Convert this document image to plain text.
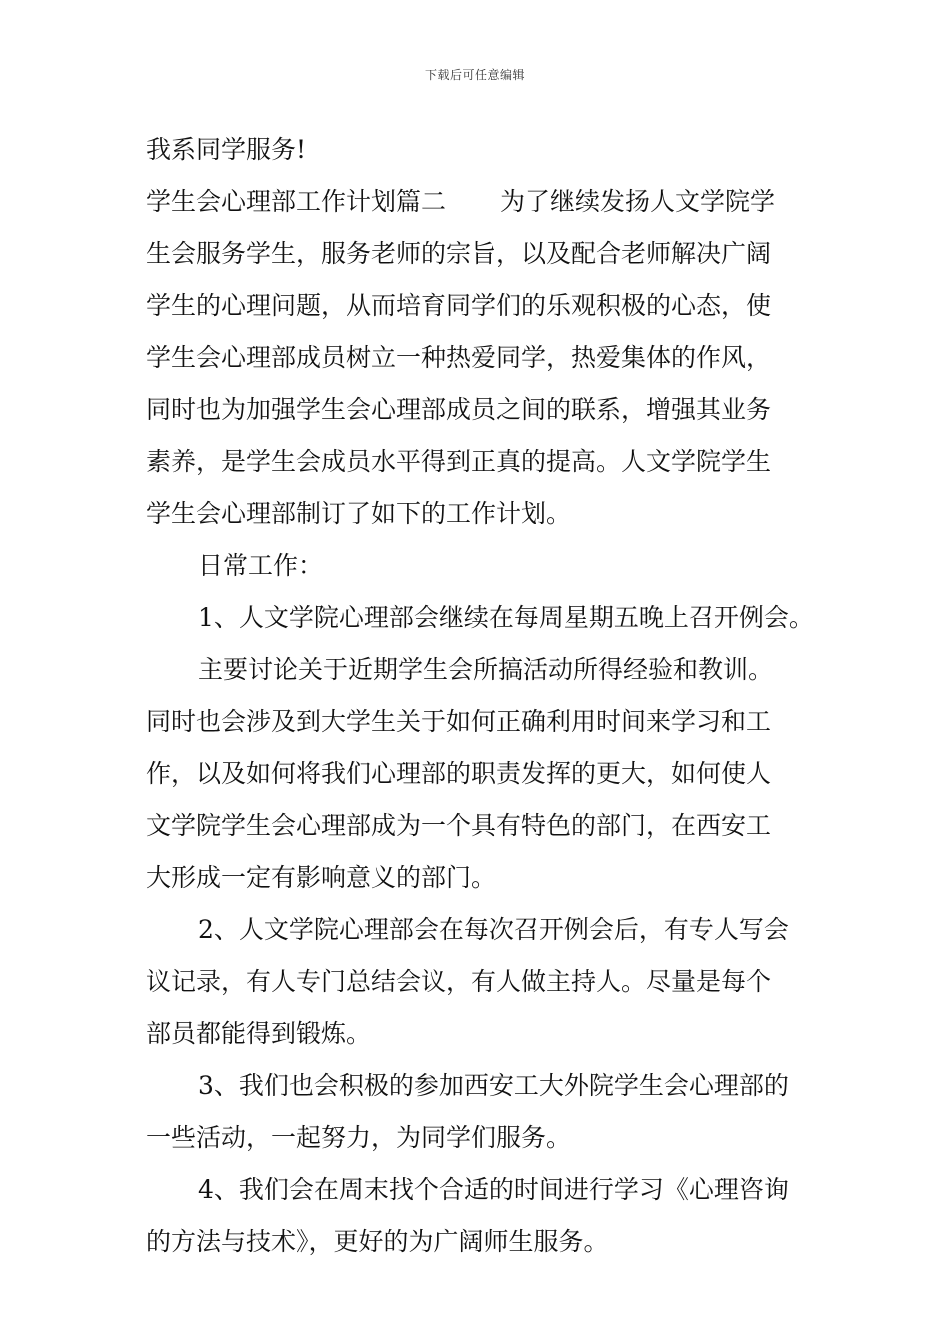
下载后可任意编辑
我系同学服务!
学生会心理部工作计划篇二 为了继续发扬人文学院学
生会服务学生，服务老师的宗旨，以及配合老师解决广阔
学生的心理问题，从而培育同学们的乐观积极的心态，使
学生会心理部成员树立一种热爱同学，热爱集体的作风，
同时也为加强学生会心理部成员之间的联系，增强其业务
素养，是学生会成员水平得到正真的提高。人文学院学生
学生会心理部制订了如下的工作计划。
日常工作：
1、人文学院心理部会继续在每周星期五晚上召开例会。
主要讨论关于近期学生会所搞活动所得经验和教训。
同时也会涉及到大学生关于如何正确利用时间来学习和工
作，以及如何将我们心理部的职责发挥的更大，如何使人
文学院学生会心理部成为一个具有特色的部门，在西安工
大形成一定有影响意义的部门。
2、人文学院心理部会在每次召开例会后，有专人写会
议记录，有人专门总结会议，有人做主持人。尽量是每个
部员都能得到锻炼。
3、我们也会积极的参加西安工大外院学生会心理部的
一些活动，一起努力，为同学们服务。
4、我们会在周末找个合适的时间进行学习《心理咨询
的方法与技术》，更好的为广阔师生服务。
